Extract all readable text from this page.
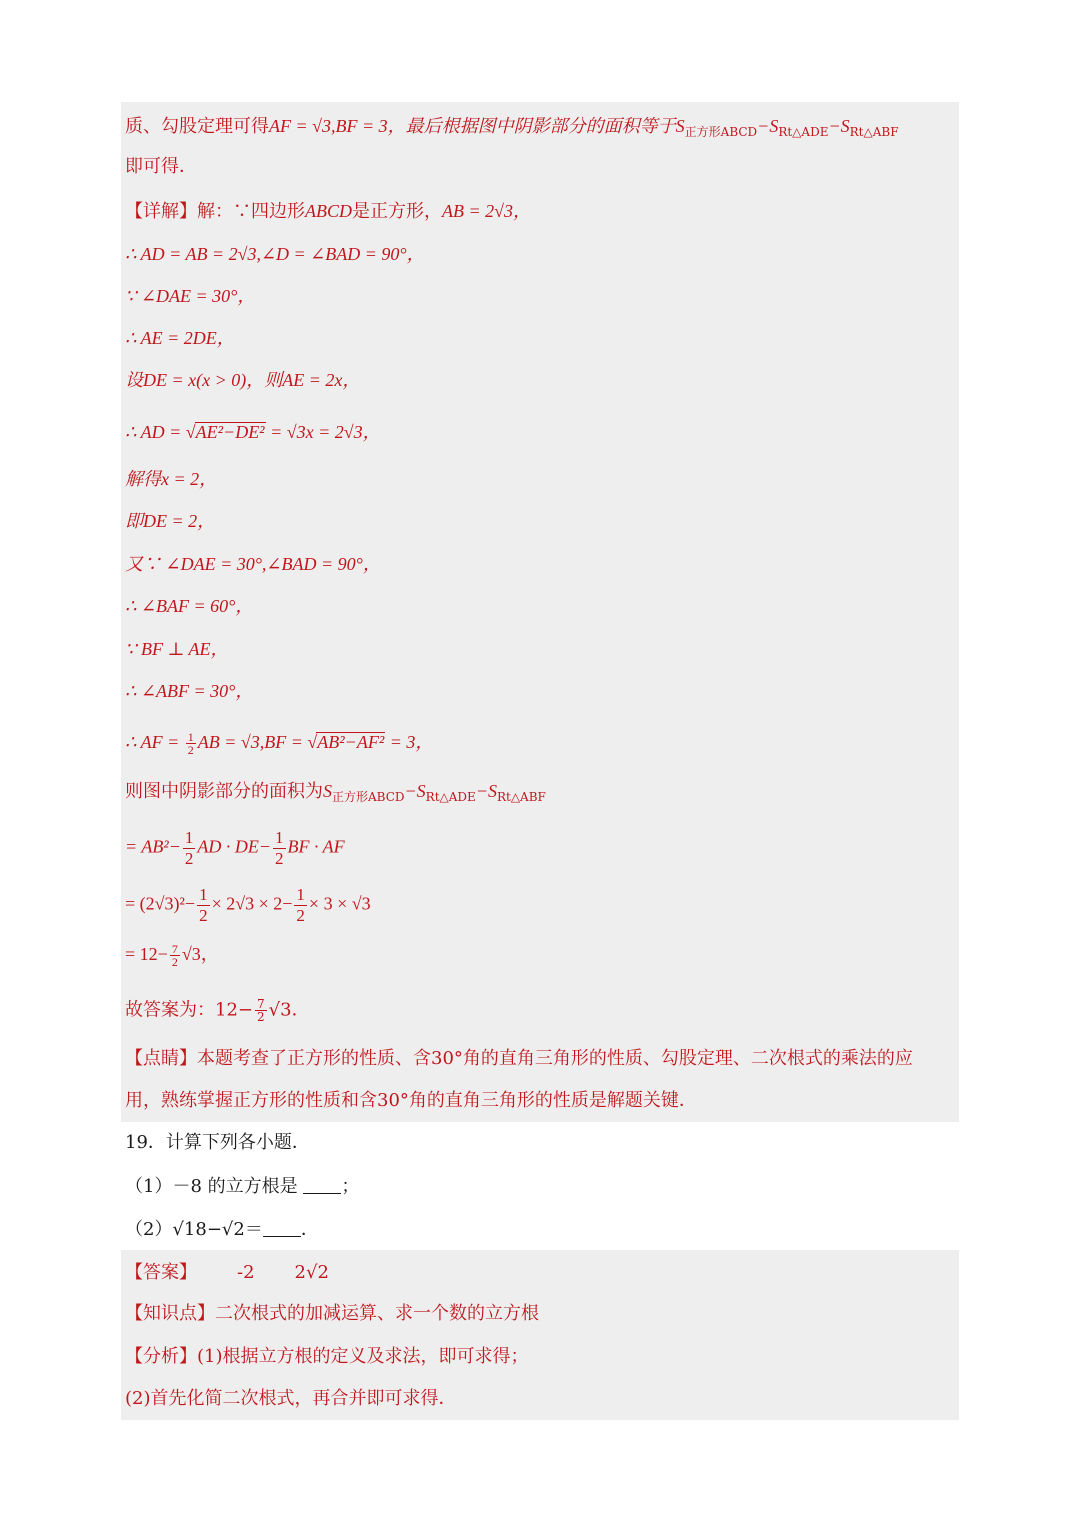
质、勾股定理可得AF = √3,BF = 3，最后根据图中阴影部分的面积等于$S_{正方形ABCD}-S_{Rt\triangle ADE}-S_{Rt\triangle ABF}$
即可得．
【详解】解：∵四边形ABCD是正方形，AB = 2√3，
∴ AD = AB = 2√3,∠D = ∠BAD = 90°，
∵ ∠DAE = 30°，
∴ AE = 2DE，
设DE = x(x > 0)，则AE = 2x，
∴ AD = √AE²−DE² = √3x = 2√3，
解得x = 2，
即DE = 2，
又∵ ∠DAE = 30°,∠BAD = 90°，
∴ ∠BAF = 60°，
∵ BF ⊥ AE，
∴ ∠ABF = 30°，
∴ AF = $\frac{1}{2}$ AB = √3,BF = √AB²−AF² = 3，
则图中阴影部分的面积为$S_{正方形ABCD}-S_{Rt\triangle ADE}-S_{Rt\triangle ABF}$
= $AB^2- \frac{1}{2}$ AD · $DE- \frac{1}{2}$ BF · AF
= $(2√3)^2- \frac{1}{2} \times 2√3 \times 2- \frac{1}{2} \times 3 \times √3$
= $12- \frac{7}{2} √3$，
故答案为：$12- \frac{7}{2} √3$．
【点睛】本题考查了正方形的性质、含30°角的直角三角形的性质、勾股定理、二次根式的乘法的应
用，熟练掌握正方形的性质和含30°角的直角三角形的性质是解题关键．
19．计算下列各小题．
（1）－8 的立方根是 ；
（2）√18−√2＝ ．
【答案】 -2 2√2
【知识点】二次根式的加减运算、求一个数的立方根
【分析】(1)根据立方根的定义及求法，即可求得；
(2)首先化简二次根式，再合并即可求得．
